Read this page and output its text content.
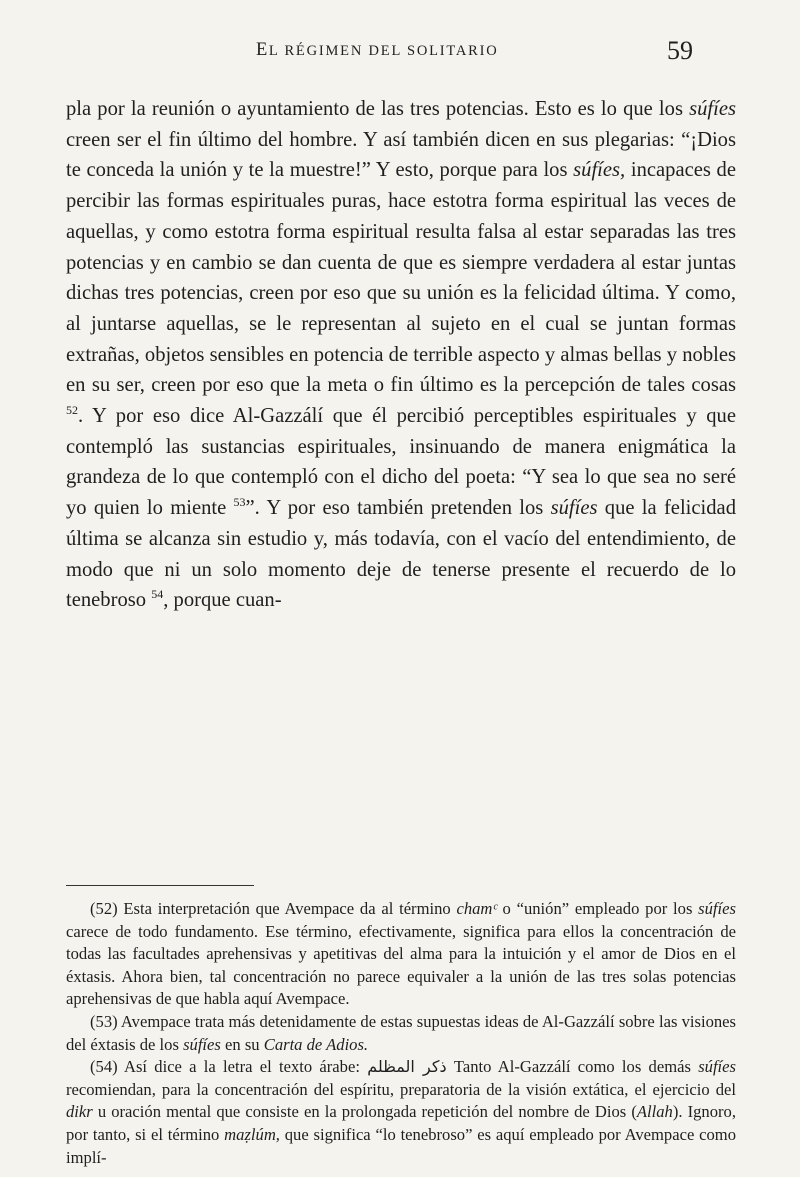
EL RÉGIMEN DEL SOLITARIO	59

pla por la reunión o ayuntamiento de las tres potencias. Esto es lo que los súfíes creen ser el fin último del hombre. Y así también dicen en sus plegarias: “¡Dios te conceda la unión y te la muestre!” Y esto, porque para los súfíes, incapaces de percibir las formas espirituales puras, hace estotra forma espiritual las veces de aquellas, y como estotra forma espiritual resulta falsa al estar separadas las tres potencias y en cambio se dan cuenta de que es siempre verdadera al estar juntas dichas tres potencias, creen por eso que su unión es la felicidad última. Y como, al juntarse aquellas, se le representan al sujeto en el cual se juntan formas extrañas, objetos sensibles en potencia de terrible aspecto y almas bellas y nobles en su ser, creen por eso que la meta o fin último es la percepción de tales cosas $^{52}$. Y por eso dice Al-Gazzálí que él percibió perceptibles espirituales y que contempló las sustancias espirituales, insinuando de manera enigmática la grandeza de lo que contempló con el dicho del poeta: “Y sea lo que sea no seré yo quien lo miente $^{53}$”. Y por eso también pretenden los súfíes que la felicidad última se alcanza sin estudio y, más todavía, con el vacío del entendimiento, de modo que ni un solo momento deje de tenerse presente el recuerdo de lo tenebroso $^{54}$, porque cuan-

(52) Esta interpretación que Avempace da al término chamᶜ o “unión” empleado por los súfíes carece de todo fundamento. Ese término, efectivamente, significa para ellos la concentración de todas las facultades aprehensivas y apetitivas del alma para la intuición y el amor de Dios en el éxtasis. Ahora bien, tal concentración no parece equivaler a la unión de las tres solas potencias aprehensivas de que habla aquí Avempace.

(53) Avempace trata más detenidamente de estas supuestas ideas de Al-Gazzálí sobre las visiones del éxtasis de los súfíes en su Carta de Adios.

(54) Así dice a la letra el texto árabe: ذكر المظلم Tanto Al-Gazzálí como los demás súfíes recomiendan, para la concentración del espíritu, preparatoria de la visión extática, el ejercicio del dikr u oración mental que consiste en la prolongada repetición del nombre de Dios (Allah). Ignoro, por tanto, si el término maẓlúm, que significa “lo tenebroso” es aquí empleado por Avempace como implí-
